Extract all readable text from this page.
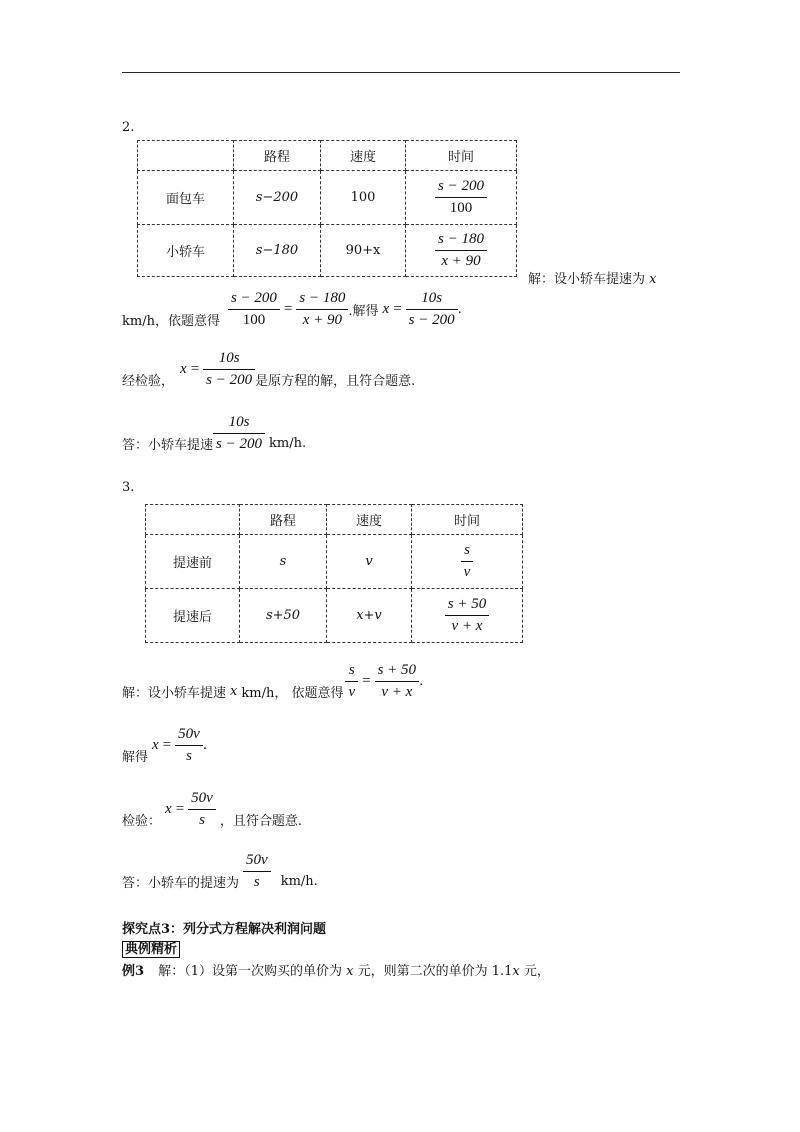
2.
	路程	速度	时间
面包车	s−200	100	$\frac{s - 200}{100}$

小轿车	s−180	90+x	$\frac{s - 180}{x + 90}$
解：设小轿车提速为 x
km/h，依题意得 $\frac{s - 200}{100} = \frac{s - 180}{x + 90}$ .解得 $x = \frac{10s}{s - 200}$ .
经检验，
$x = \frac{10s}{s - 200}$ 是原方程的解，且符合题意.
答：小轿车提速 $\frac{10s}{s - 200} km/h$.
3.
	路程	速度	时间
提速前	s	v	$\frac{s}{v}$

提速后	s+50	x+v	$\frac{s + 50}{v + x}$
解：设小轿车提速 x km/h， 依题意得 $\frac{s}{v} = \frac{s + 50}{v + x}$ .
解得
$x = \frac{50v}{s}$ .
检验：
$x = \frac{50v}{s}$ ，且符合题意.
答：小轿车的提速为 $\frac{50v}{s} km/h$.
探究点3：列分式方程解决利润问题
典例精析
例3 解：（1）设第一次购买的单价为 x 元，则第二次的单价为 1.1x 元，
